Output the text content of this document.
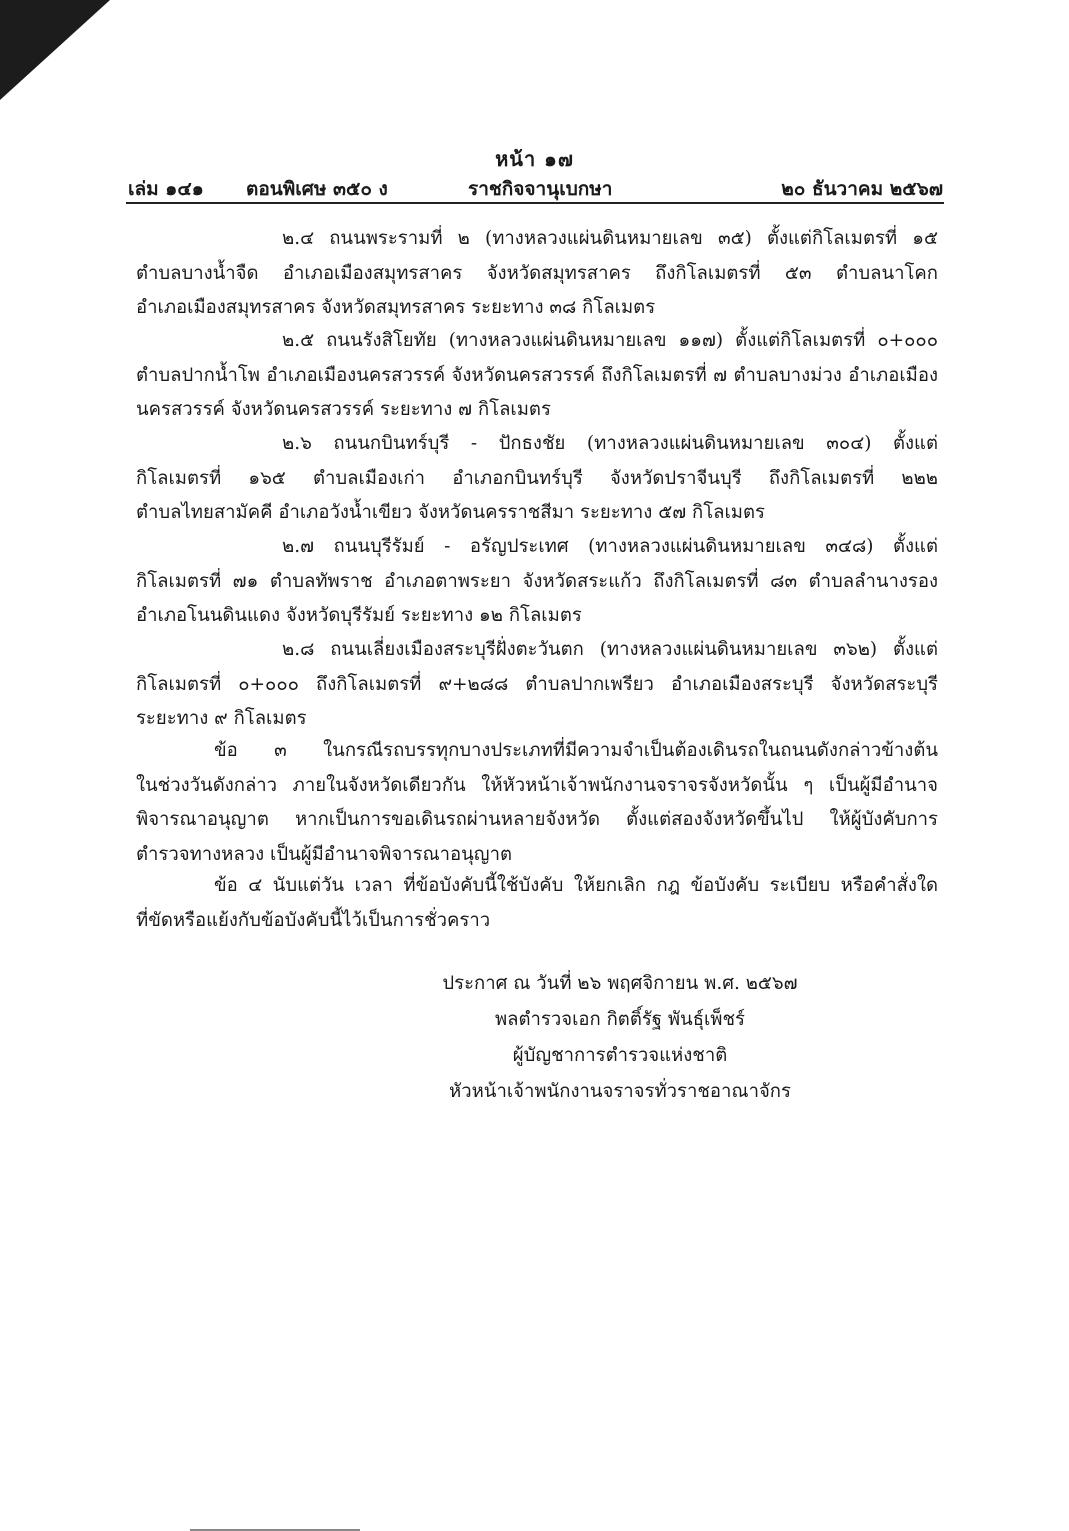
หน้า ๑๗
เล่ม ๑๔๑ ตอนพิเศษ ๓๕๐ ง	ราชกิจจานุเบกษา	๒๐ ธันวาคม ๒๕๖๗
๒.๔ ถนนพระรามที่ ๒ (ทางหลวงแผ่นดินหมายเลข ๓๕) ตั้งแต่กิโลเมตรที่ ๑๕
ตำบลบางน้ำจืด อำเภอเมืองสมุทรสาคร จังหวัดสมุทรสาคร ถึงกิโลเมตรที่ ๕๓ ตำบลนาโคก
อำเภอเมืองสมุทรสาคร จังหวัดสมุทรสาคร ระยะทาง ๓๘ กิโลเมตร
๒.๕ ถนนรังสิโยทัย (ทางหลวงแผ่นดินหมายเลข ๑๑๗) ตั้งแต่กิโลเมตรที่ ๐+๐๐๐
ตำบลปากน้ำโพ อำเภอเมืองนครสวรรค์ จังหวัดนครสวรรค์ ถึงกิโลเมตรที่ ๗ ตำบลบางม่วง อำเภอเมือง
นครสวรรค์ จังหวัดนครสวรรค์ ระยะทาง ๗ กิโลเมตร
๒.๖ ถนนกบินทร์บุรี - ปักธงชัย (ทางหลวงแผ่นดินหมายเลข ๓๐๔) ตั้งแต่
กิโลเมตรที่ ๑๖๕ ตำบลเมืองเก่า อำเภอกบินทร์บุรี จังหวัดปราจีนบุรี ถึงกิโลเมตรที่ ๒๒๒
ตำบลไทยสามัคคี อำเภอวังน้ำเขียว จังหวัดนครราชสีมา ระยะทาง ๕๗ กิโลเมตร
๒.๗ ถนนบุรีรัมย์ - อรัญประเทศ (ทางหลวงแผ่นดินหมายเลข ๓๔๘) ตั้งแต่
กิโลเมตรที่ ๗๑ ตำบลทัพราช อำเภอตาพระยา จังหวัดสระแก้ว ถึงกิโลเมตรที่ ๘๓ ตำบลลำนางรอง
อำเภอโนนดินแดง จังหวัดบุรีรัมย์ ระยะทาง ๑๒ กิโลเมตร
๒.๘ ถนนเลี่ยงเมืองสระบุรีฝั่งตะวันตก (ทางหลวงแผ่นดินหมายเลข ๓๖๒) ตั้งแต่
กิโลเมตรที่ ๐+๐๐๐ ถึงกิโลเมตรที่ ๙+๒๘๘ ตำบลปากเพรียว อำเภอเมืองสระบุรี จังหวัดสระบุรี
ระยะทาง ๙ กิโลเมตร
ข้อ ๓ ในกรณีรถบรรทุกบางประเภทที่มีความจำเป็นต้องเดินรถในถนนดังกล่าวข้างต้น
ในช่วงวันดังกล่าว ภายในจังหวัดเดียวกัน ให้หัวหน้าเจ้าพนักงานจราจรจังหวัดนั้น ๆ เป็นผู้มีอำนาจ
พิจารณาอนุญาต หากเป็นการขอเดินรถผ่านหลายจังหวัด ตั้งแต่สองจังหวัดขึ้นไป ให้ผู้บังคับการ
ตำรวจทางหลวง เป็นผู้มีอำนาจพิจารณาอนุญาต
ข้อ ๔ นับแต่วัน เวลา ที่ข้อบังคับนี้ใช้บังคับ ให้ยกเลิก กฎ ข้อบังคับ ระเบียบ หรือคำสั่งใด
ที่ขัดหรือแย้งกับข้อบังคับนี้ไว้เป็นการชั่วคราว
ประกาศ ณ วันที่ ๒๖ พฤศจิกายน พ.ศ. ๒๕๖๗
พลตำรวจเอก กิตติ์รัฐ พันธุ์เพ็ชร์
ผู้บัญชาการตำรวจแห่งชาติ
หัวหน้าเจ้าพนักงานจราจรทั่วราชอาณาจักร
